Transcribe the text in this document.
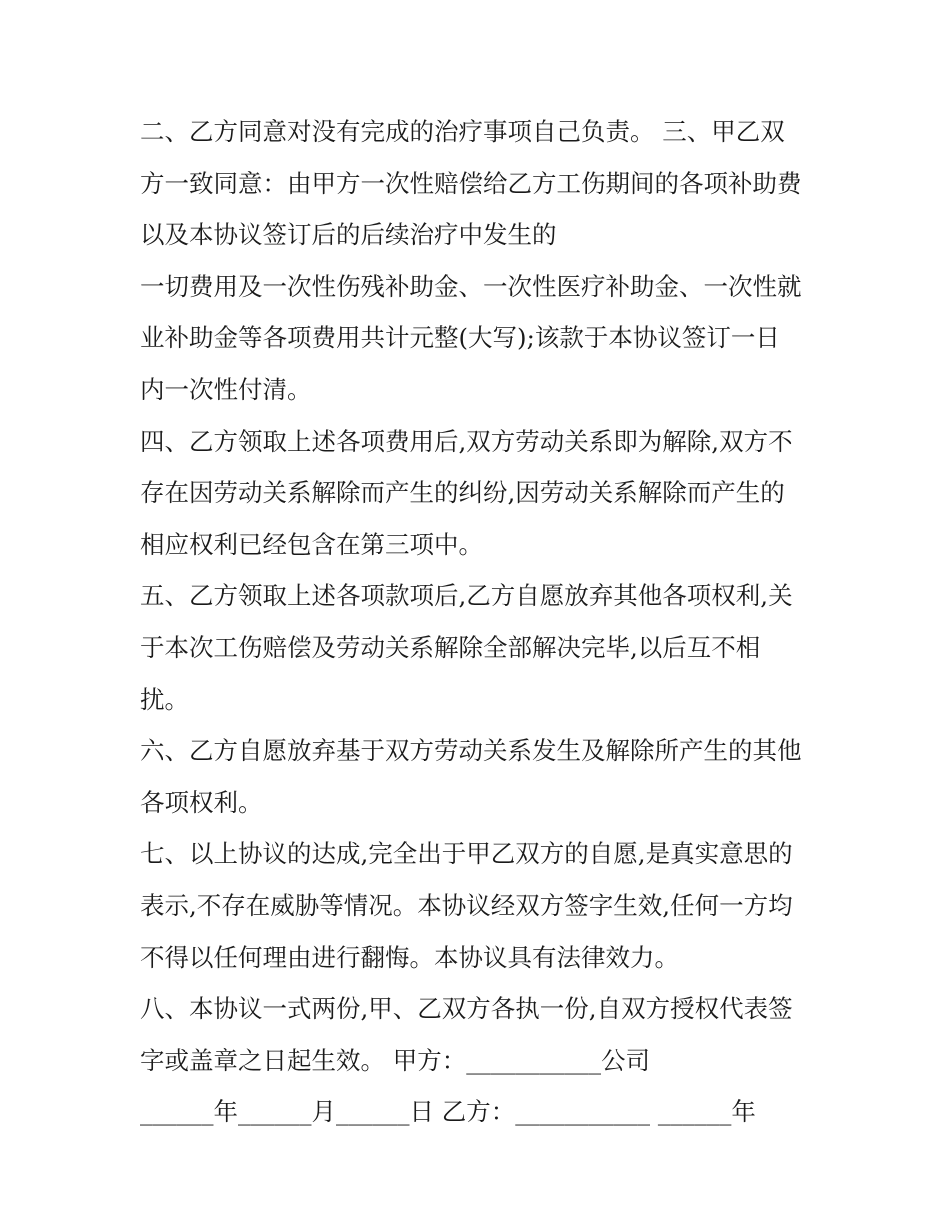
二、乙方同意对没有完成的治疗事项自己负责。 三、甲乙双
方一致同意：由甲方一次性赔偿给乙方工伤期间的各项补助费
以及本协议签订后的后续治疗中发生的
一切费用及一次性伤残补助金、一次性医疗补助金、一次性就
业补助金等各项费用共计元整(大写);该款于本协议签订一日
内一次性付清。
四、乙方领取上述各项费用后,双方劳动关系即为解除,双方不
存在因劳动关系解除而产生的纠纷,因劳动关系解除而产生的
相应权利已经包含在第三项中。
五、乙方领取上述各项款项后,乙方自愿放弃其他各项权利,关
于本次工伤赔偿及劳动关系解除全部解决完毕,以后互不相
扰。
六、乙方自愿放弃基于双方劳动关系发生及解除所产生的其他
各项权利。
七、以上协议的达成,完全出于甲乙双方的自愿,是真实意思的
表示,不存在威胁等情况。本协议经双方签字生效,任何一方均
不得以任何理由进行翻悔。本协议具有法律效力。
八、本协议一式两份,甲、乙双方各执一份,自双方授权代表签
字或盖章之日起生效。 甲方：___________公司
______年______月______日 乙方：___________ ______年
